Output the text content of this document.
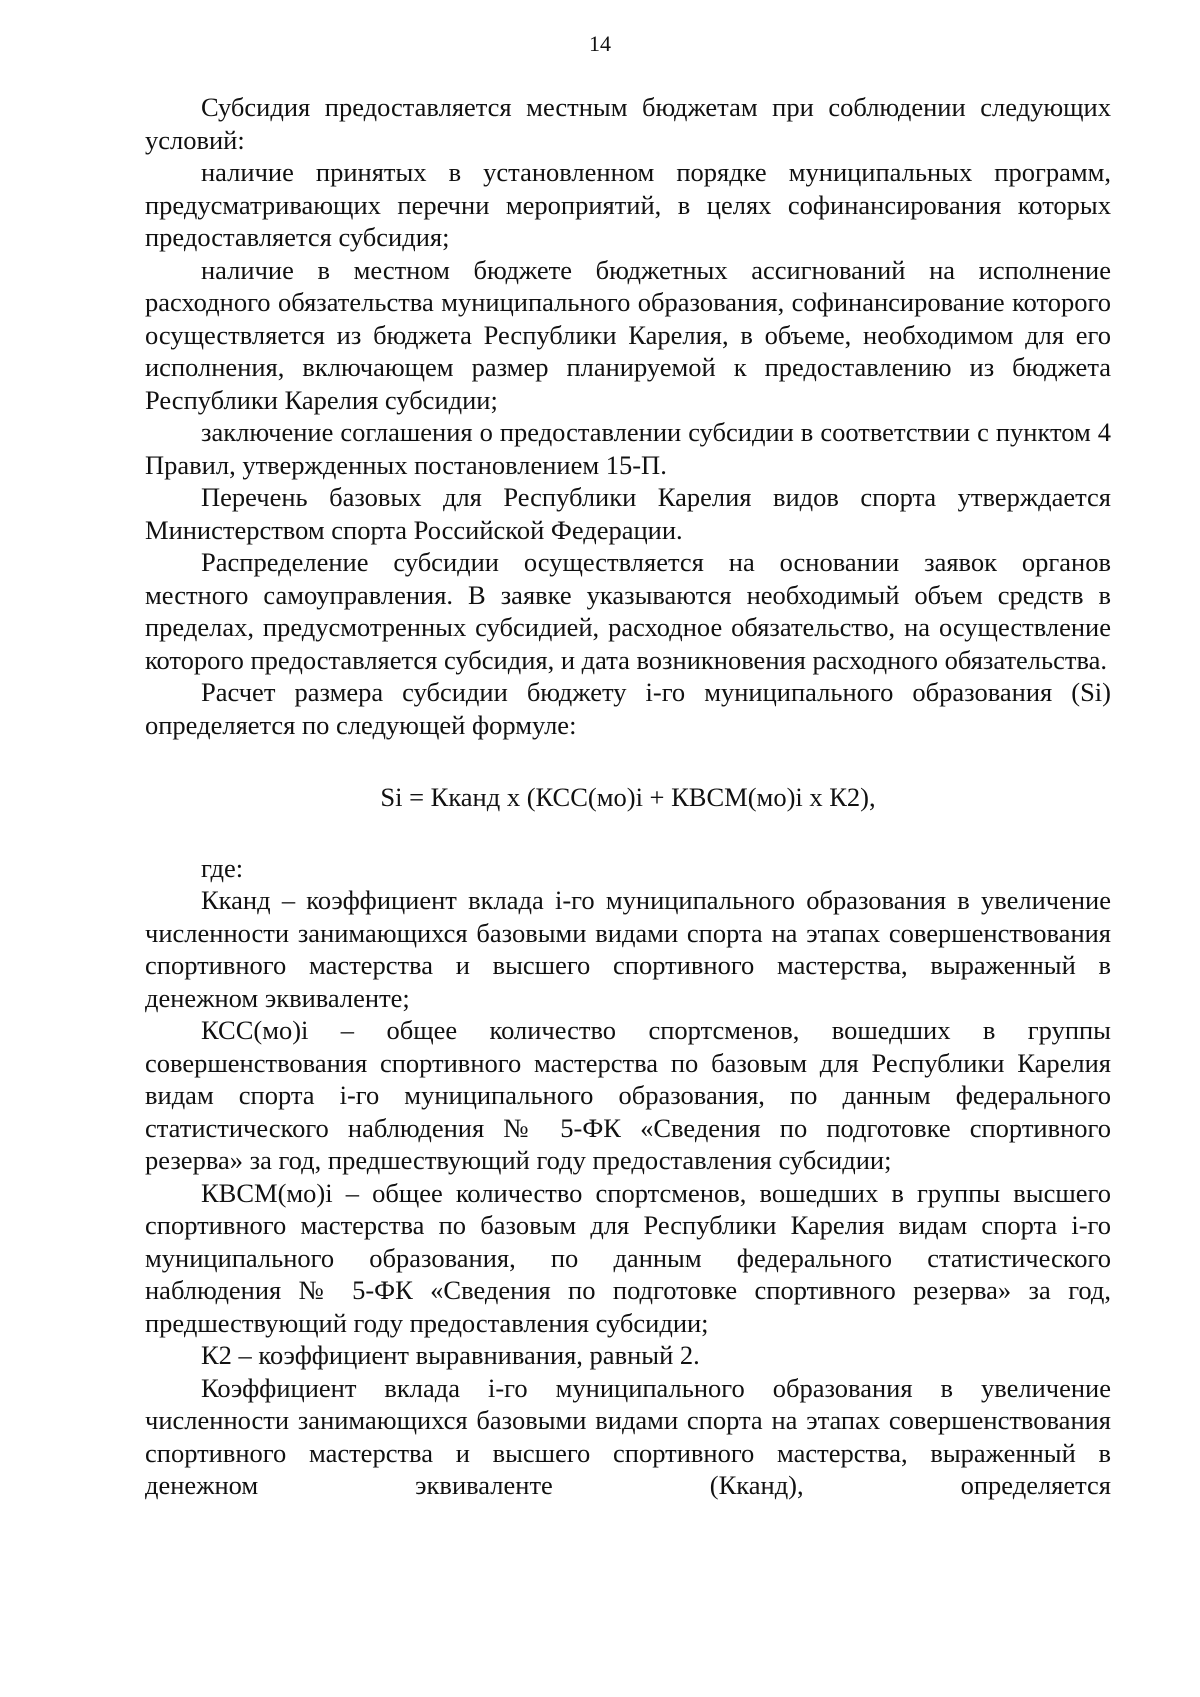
14

Субсидия предоставляется местным бюджетам при соблюдении следующих условий:

наличие принятых в установленном порядке муниципальных программ, предусматривающих перечни мероприятий, в целях софинансирования которых предоставляется субсидия;

наличие в местном бюджете бюджетных ассигнований на исполнение расходного обязательства муниципального образования, софинансирование которого осуществляется из бюджета Республики Карелия, в объеме, необходимом для его исполнения, включающем размер планируемой к предоставлению из бюджета Республики Карелия субсидии;

заключение соглашения о предоставлении субсидии в соответствии с пунктом 4 Правил, утвержденных постановлением 15-П.

Перечень базовых для Республики Карелия видов спорта утверждается Министерством спорта Российской Федерации.

Распределение субсидии осуществляется на основании заявок органов местного самоуправления. В заявке указываются необходимый объем средств в пределах, предусмотренных субсидией, расходное обязательство, на осуществление которого предоставляется субсидия, и дата возникновения расходного обязательства.

Расчет размера субсидии бюджету i-го муниципального образования (Si) определяется по следующей формуле:

Si = Кканд х (КСС(мо)i + КВСМ(мо)i х К2),

где:

Кканд – коэффициент вклада i-го муниципального образования в увеличение численности занимающихся базовыми видами спорта на этапах совершенствования спортивного мастерства и высшего спортивного мастерства, выраженный в денежном эквиваленте;

КСС(мо)i – общее количество спортсменов, вошедших в группы совершенствования спортивного мастерства по базовым для Республики Карелия видам спорта i-го муниципального образования, по данным федерального статистического наблюдения № 5-ФК «Сведения по подготовке спортивного резерва» за год, предшествующий году предоставления субсидии;

КВСМ(мо)i – общее количество спортсменов, вошедших в группы высшего спортивного мастерства по базовым для Республики Карелия видам спорта i-го муниципального образования, по данным федерального статистического наблюдения № 5-ФК «Сведения по подготовке спортивного резерва» за год, предшествующий году предоставления субсидии;

К2 – коэффициент выравнивания, равный 2.

Коэффициент вклада i-го муниципального образования в увеличение численности занимающихся базовыми видами спорта на этапах совершенствования спортивного мастерства и высшего спортивного мастерства, выраженный в денежном эквиваленте (Кканд), определяется
